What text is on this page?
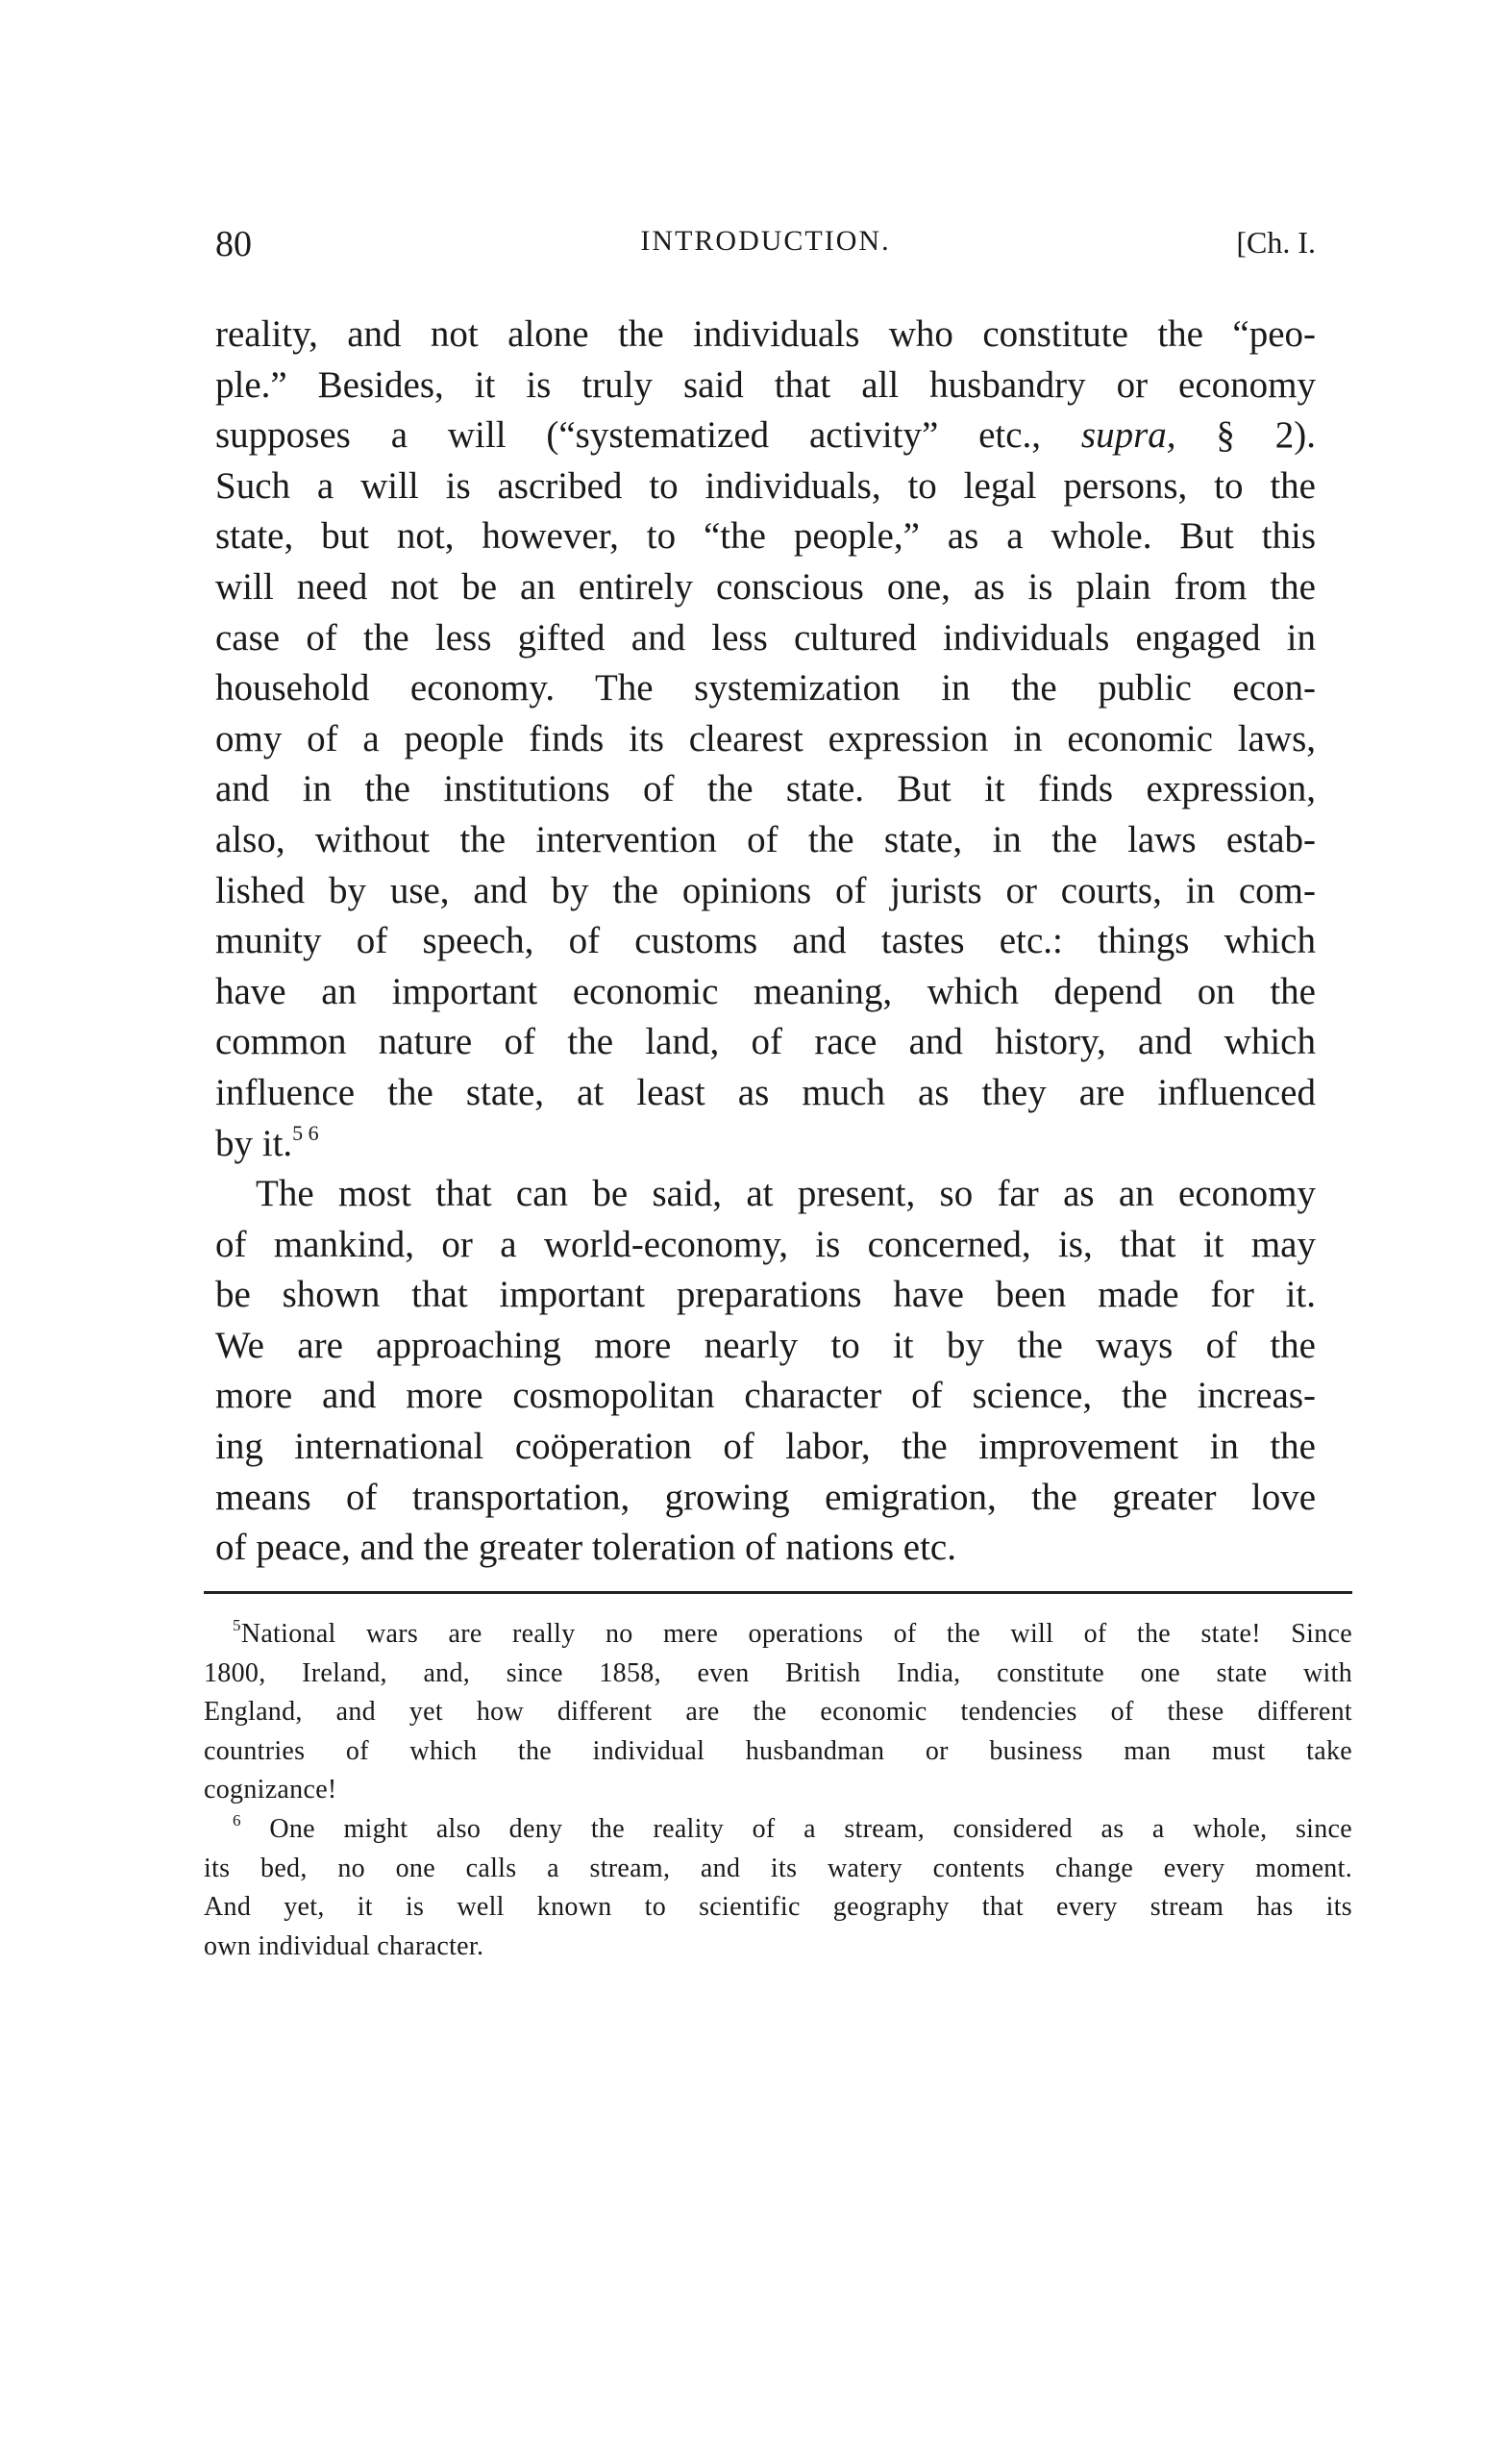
80	INTRODUCTION.	[Ch. I.
reality, and not alone the individuals who constitute the “peo-
ple.” Besides, it is truly said that all husbandry or economy
supposes a will (“systematized activity” etc., supra, § 2).
Such a will is ascribed to individuals, to legal persons, to the
state, but not, however, to “the people,” as a whole. But this
will need not be an entirely conscious one, as is plain from the
case of the less gifted and less cultured individuals engaged in
household economy. The systemization in the public econ-
omy of a people finds its clearest expression in economic laws,
and in the institutions of the state. But it finds expression,
also, without the intervention of the state, in the laws estab-
lished by use, and by the opinions of jurists or courts, in com-
munity of speech, of customs and tastes etc.: things which
have an important economic meaning, which depend on the
common nature of the land, of race and history, and which
influence the state, at least as much as they are influenced
by it.$^{5 6}$
The most that can be said, at present, so far as an economy
of mankind, or a world-economy, is concerned, is, that it may
be shown that important preparations have been made for it.
We are approaching more nearly to it by the ways of the
more and more cosmopolitan character of science, the increas-
ing international coöperation of labor, the improvement in the
means of transportation, growing emigration, the greater love
of peace, and the greater toleration of nations etc.
$^5$National wars are really no mere operations of the will of the state! Since
1800, Ireland, and, since 1858, even British India, constitute one state with
England, and yet how different are the economic tendencies of these different
countries of which the individual husbandman or business man must take
cognizance!
$^6$ One might also deny the reality of a stream, considered as a whole, since
its bed, no one calls a stream, and its watery contents change every moment.
And yet, it is well known to scientific geography that every stream has its
own individual character.
